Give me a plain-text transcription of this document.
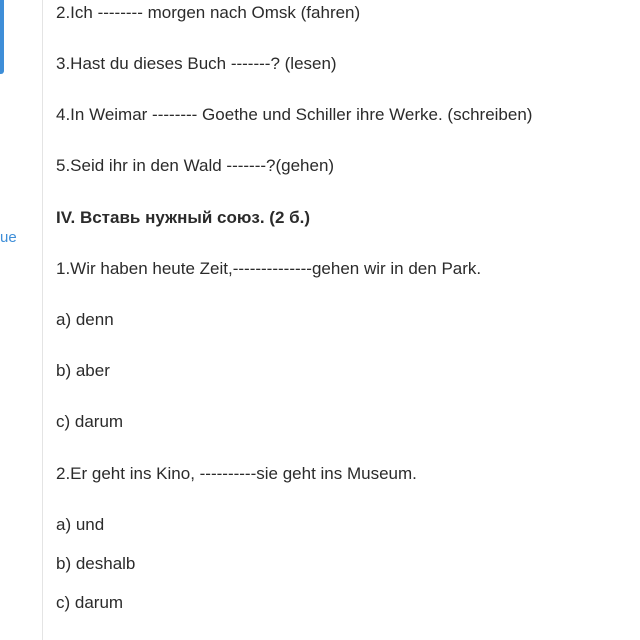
ue
2.Ich -------- morgen nach Omsk (fahren)
3.Hast du dieses Buch -------? (lesen)
4.In Weimar -------- Goethe und Schiller ihre Werke. (schreiben)
5.Seid ihr in den Wald -------?(gehen)
IV. Вставь нужный союз. (2 б.)
1.Wir haben heute Zeit,--------------gehen wir in den Park.
a) denn
b) aber
c) darum
2.Er geht ins Kino, ----------sie geht ins Museum.
a) und
b) deshalb
c) darum
